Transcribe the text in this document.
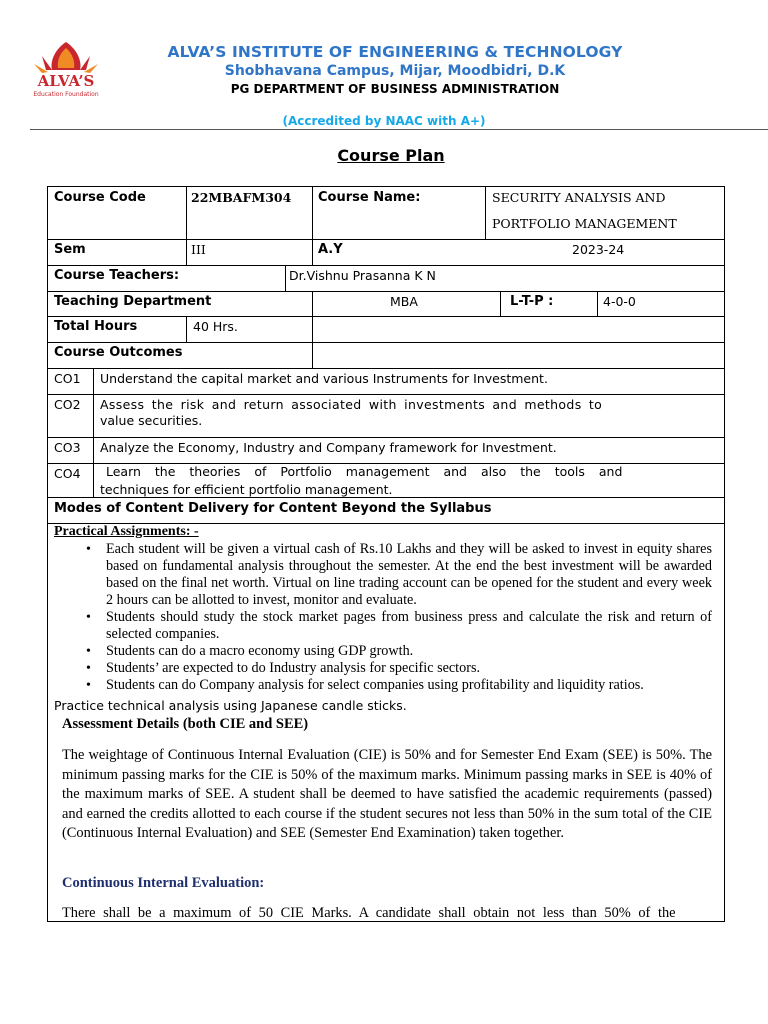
ALVA’S
Education Foundation
ALVA’S INSTITUTE OF ENGINEERING & TECHNOLOGY
Shobhavana Campus, Mijar, Moodbidri, D.K
PG DEPARTMENT OF BUSINESS ADMINISTRATION
(Accredited by NAAC with A+)
Course Plan
Course Code	22MBAFM304 Course Name:	SECURITY ANALYSIS AND
PORTFOLIO MANAGEMENT
Sem	III	A.Y	2023-24
Course Teachers:	Dr.Vishnu Prasanna K N
Teaching Department	MBA	L-T-P :	4-0-0
Total Hours	40 Hrs.
Course Outcomes
CO1 Understand the capital market and various Instruments for Investment.
CO2 Assess the risk and return associated with investments and methods to
value securities.
CO3 Analyze the Economy, Industry and Company framework for Investment.
CO4 Learn the theories of Portfolio management and also the tools and
techniques for efficient portfolio management.
Modes of Content Delivery for Content Beyond the Syllabus
Practical Assignments: -
• Each student will be given a virtual cash of Rs.10 Lakhs and they will be asked to invest in equity shares based on fundamental analysis throughout the semester. At the end the best investment will be awarded based on the final net worth. Virtual on line trading account can be opened for the student and every week 2 hours can be allotted to invest, monitor and evaluate.
• Students should study the stock market pages from business press and calculate the risk and return of selected companies.
• Students can do a macro economy using GDP growth.
• Students’ are expected to do Industry analysis for specific sectors.
• Students can do Company analysis for select companies using profitability and liquidity ratios.
Practice technical analysis using Japanese candle sticks.
Assessment Details (both CIE and SEE)
The weightage of Continuous Internal Evaluation (CIE) is 50% and for Semester End Exam (SEE) is 50%. The minimum passing marks for the CIE is 50% of the maximum marks. Minimum passing marks in SEE is 40% of the maximum marks of SEE. A student shall be deemed to have satisfied the academic requirements (passed) and earned the credits allotted to each course if the student secures not less than 50% in the sum total of the CIE (Continuous Internal Evaluation) and SEE (Semester End Examination) taken together.
Continuous Internal Evaluation:
There shall be a maximum of 50 CIE Marks. A candidate shall obtain not less than 50% of the
